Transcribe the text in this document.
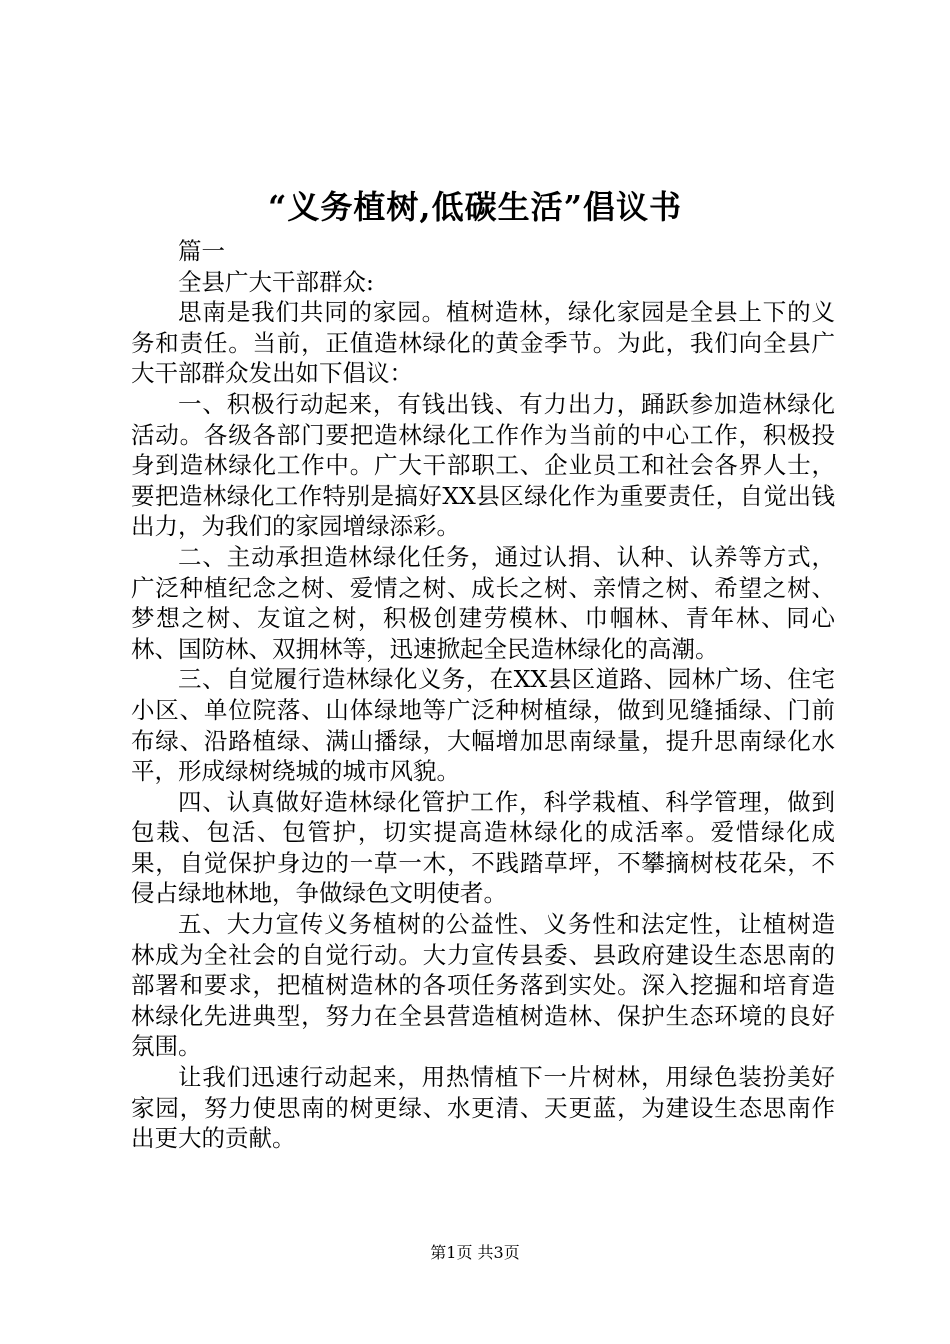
“义务植树,低碳生活”倡议书

篇一

全县广大干部群众:

思南是我们共同的家园。植树造林，绿化家园是全县上下的义务和责任。当前，正值造林绿化的黄金季节。为此，我们向全县广大干部群众发出如下倡议：

一、积极行动起来，有钱出钱、有力出力，踊跃参加造林绿化活动。各级各部门要把造林绿化工作作为当前的中心工作，积极投身到造林绿化工作中。广大干部职工、企业员工和社会各界人士，要把造林绿化工作特别是搞好XX县区绿化作为重要责任，自觉出钱出力，为我们的家园增绿添彩。

二、主动承担造林绿化任务，通过认捐、认种、认养等方式，广泛种植纪念之树、爱情之树、成长之树、亲情之树、希望之树、梦想之树、友谊之树，积极创建劳模林、巾帼林、青年林、同心林、国防林、双拥林等，迅速掀起全民造林绿化的高潮。

三、自觉履行造林绿化义务，在XX县区道路、园林广场、住宅小区、单位院落、山体绿地等广泛种树植绿，做到见缝插绿、门前布绿、沿路植绿、满山播绿，大幅增加思南绿量，提升思南绿化水平，形成绿树绕城的城市风貌。

四、认真做好造林绿化管护工作，科学栽植、科学管理，做到包栽、包活、包管护，切实提高造林绿化的成活率。爱惜绿化成果，自觉保护身边的一草一木，不践踏草坪，不攀摘树枝花朵，不侵占绿地林地，争做绿色文明使者。

五、大力宣传义务植树的公益性、义务性和法定性，让植树造林成为全社会的自觉行动。大力宣传县委、县政府建设生态思南的部署和要求，把植树造林的各项任务落到实处。深入挖掘和培育造林绿化先进典型，努力在全县营造植树造林、保护生态环境的良好氛围。

让我们迅速行动起来，用热情植下一片树林，用绿色装扮美好家园，努力使思南的树更绿、水更清、天更蓝，为建设生态思南作出更大的贡献。

第1页 共3页
